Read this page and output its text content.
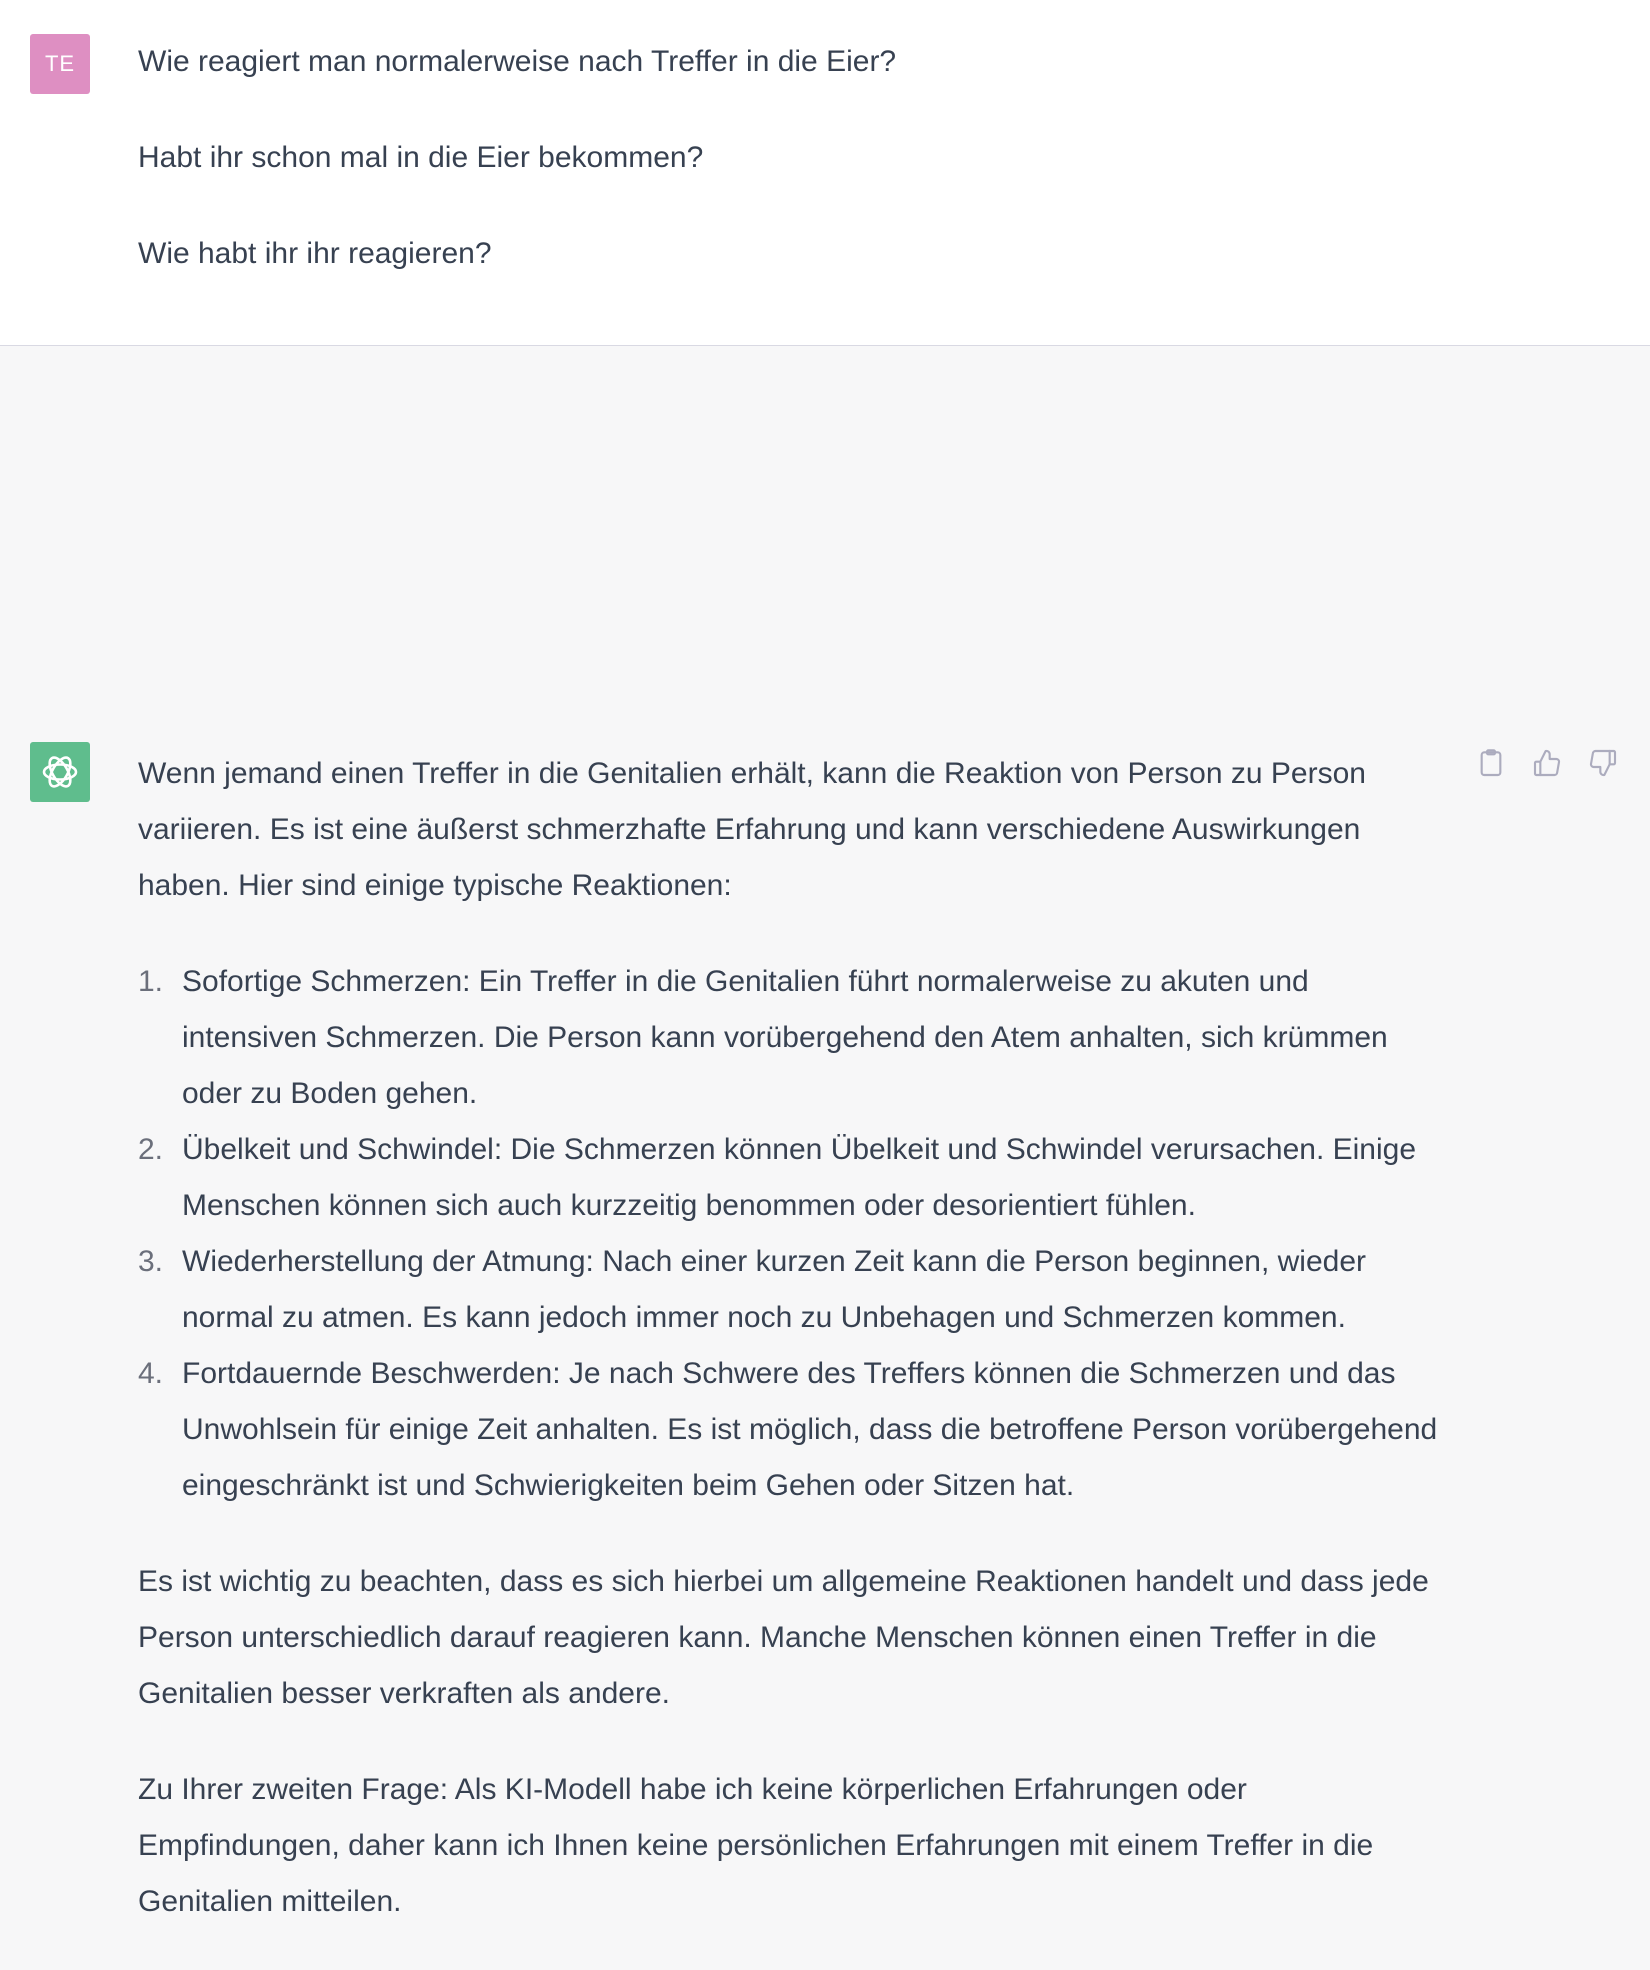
TE Wie reagiert man normalerweise nach Treffer in die Eier?

Habt ihr schon mal in die Eier bekommen?

Wie habt ihr ihr reagieren?

Wenn jemand einen Treffer in die Genitalien erhält, kann die Reaktion von Person zu Person variieren. Es ist eine äußerst schmerzhafte Erfahrung und kann verschiedene Auswirkungen haben. Hier sind einige typische Reaktionen:

1. Sofortige Schmerzen: Ein Treffer in die Genitalien führt normalerweise zu akuten und intensiven Schmerzen. Die Person kann vorübergehend den Atem anhalten, sich krümmen oder zu Boden gehen.
2. Übelkeit und Schwindel: Die Schmerzen können Übelkeit und Schwindel verursachen. Einige Menschen können sich auch kurzzeitig benommen oder desorientiert fühlen.
3. Wiederherstellung der Atmung: Nach einer kurzen Zeit kann die Person beginnen, wieder normal zu atmen. Es kann jedoch immer noch zu Unbehagen und Schmerzen kommen.
4. Fortdauernde Beschwerden: Je nach Schwere des Treffers können die Schmerzen und das Unwohlsein für einige Zeit anhalten. Es ist möglich, dass die betroffene Person vorübergehend eingeschränkt ist und Schwierigkeiten beim Gehen oder Sitzen hat.

Es ist wichtig zu beachten, dass es sich hierbei um allgemeine Reaktionen handelt und dass jede Person unterschiedlich darauf reagieren kann. Manche Menschen können einen Treffer in die Genitalien besser verkraften als andere.

Zu Ihrer zweiten Frage: Als KI-Modell habe ich keine körperlichen Erfahrungen oder Empfindungen, daher kann ich Ihnen keine persönlichen Erfahrungen mit einem Treffer in die Genitalien mitteilen.
